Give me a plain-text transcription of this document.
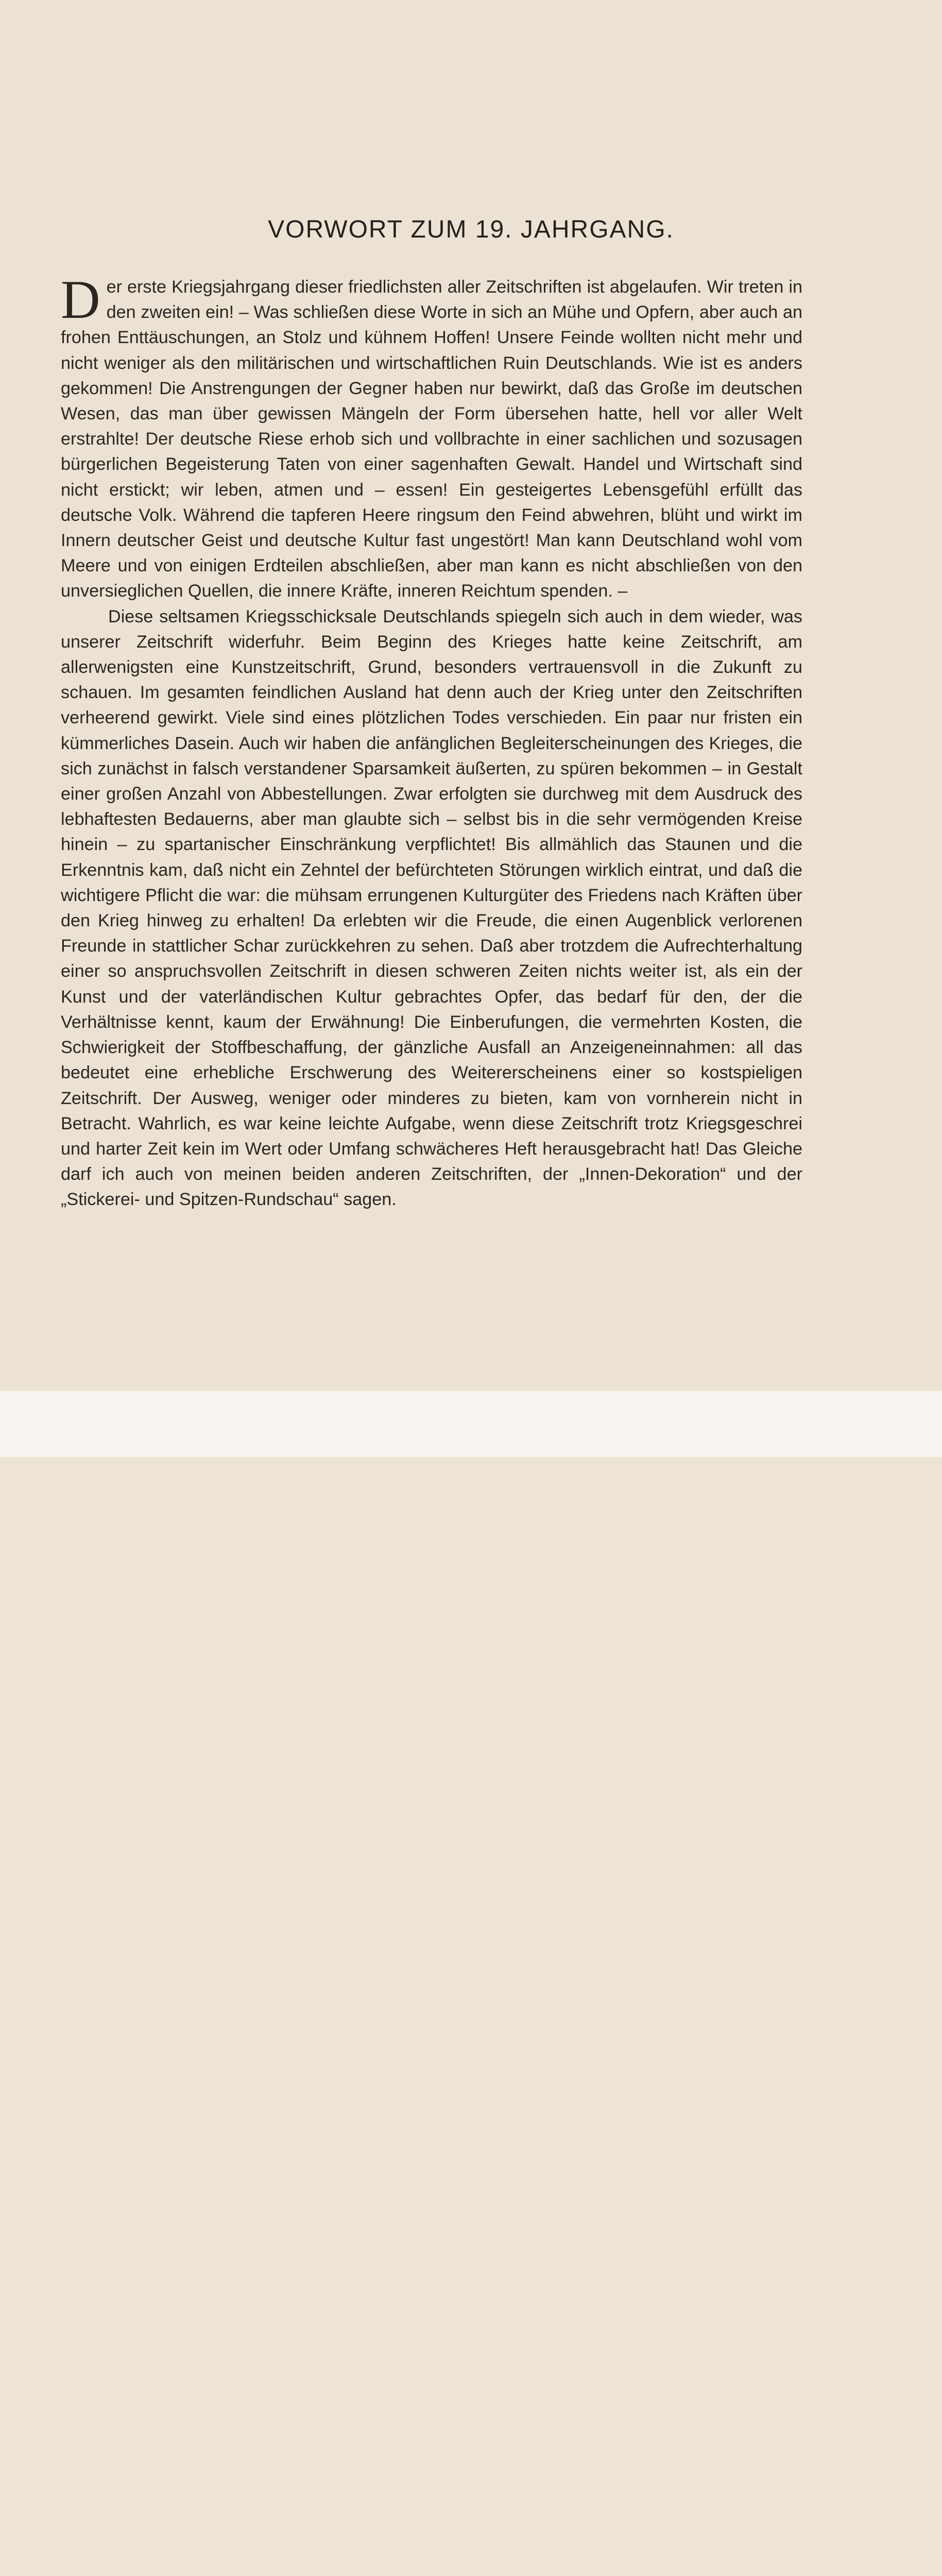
VORWORT ZUM 19. JAHRGANG.

Der erste Kriegsjahrgang dieser friedlichsten aller Zeitschriften ist abgelaufen. Wir treten in den zweiten ein! – Was schließen diese Worte in sich an Mühe und Opfern, aber auch an frohen Enttäuschungen, an Stolz und kühnem Hoffen! Unsere Feinde wollten nicht mehr und nicht weniger als den militärischen und wirtschaftlichen Ruin Deutschlands. Wie ist es anders gekommen! Die Anstrengungen der Gegner haben nur bewirkt, daß das Große im deutschen Wesen, das man über gewissen Mängeln der Form übersehen hatte, hell vor aller Welt erstrahlte! Der deutsche Riese erhob sich und vollbrachte in einer sachlichen und sozusagen bürgerlichen Begeisterung Taten von einer sagenhaften Gewalt. Handel und Wirtschaft sind nicht erstickt; wir leben, atmen und – essen! Ein gesteigertes Lebensgefühl erfüllt das deutsche Volk. Während die tapferen Heere ringsum den Feind abwehren, blüht und wirkt im Innern deutscher Geist und deutsche Kultur fast ungestört! Man kann Deutschland wohl vom Meere und von einigen Erdteilen abschließen, aber man kann es nicht abschließen von den unversieglichen Quellen, die innere Kräfte, inneren Reichtum spenden. –

Diese seltsamen Kriegsschicksale Deutschlands spiegeln sich auch in dem wieder, was unserer Zeitschrift widerfuhr. Beim Beginn des Krieges hatte keine Zeitschrift, am allerwenigsten eine Kunstzeitschrift, Grund, besonders vertrauensvoll in die Zukunft zu schauen. Im gesamten feindlichen Ausland hat denn auch der Krieg unter den Zeitschriften verheerend gewirkt. Viele sind eines plötzlichen Todes verschieden. Ein paar nur fristen ein kümmerliches Dasein. Auch wir haben die anfänglichen Begleiterscheinungen des Krieges, die sich zunächst in falsch verstandener Sparsamkeit äußerten, zu spüren bekommen – in Gestalt einer großen Anzahl von Abbestellungen. Zwar erfolgten sie durchweg mit dem Ausdruck des lebhaftesten Bedauerns, aber man glaubte sich – selbst bis in die sehr vermögenden Kreise hinein – zu spartanischer Einschränkung verpflichtet! Bis allmählich das Staunen und die Erkenntnis kam, daß nicht ein Zehntel der befürchteten Störungen wirklich eintrat, und daß die wichtigere Pflicht die war: die mühsam errungenen Kulturgüter des Friedens nach Kräften über den Krieg hinweg zu erhalten! Da erlebten wir die Freude, die einen Augenblick verlorenen Freunde in stattlicher Schar zurückkehren zu sehen. Daß aber trotzdem die Aufrechterhaltung einer so anspruchsvollen Zeitschrift in diesen schweren Zeiten nichts weiter ist, als ein der Kunst und der vaterländischen Kultur gebrachtes Opfer, das bedarf für den, der die Verhältnisse kennt, kaum der Erwähnung! Die Einberufungen, die vermehrten Kosten, die Schwierigkeit der Stoffbeschaffung, der gänzliche Ausfall an Anzeigeneinnahmen: all das bedeutet eine erhebliche Erschwerung des Weitererscheinens einer so kostspieligen Zeitschrift. Der Ausweg, weniger oder minderes zu bieten, kam von vornherein nicht in Betracht. Wahrlich, es war keine leichte Aufgabe, wenn diese Zeitschrift trotz Kriegsgeschrei und harter Zeit kein im Wert oder Umfang schwächeres Heft herausgebracht hat! Das Gleiche darf ich auch von meinen beiden anderen Zeitschriften, der „Innen-Dekoration“ und der „Stickerei- und Spitzen-Rundschau“ sagen.
